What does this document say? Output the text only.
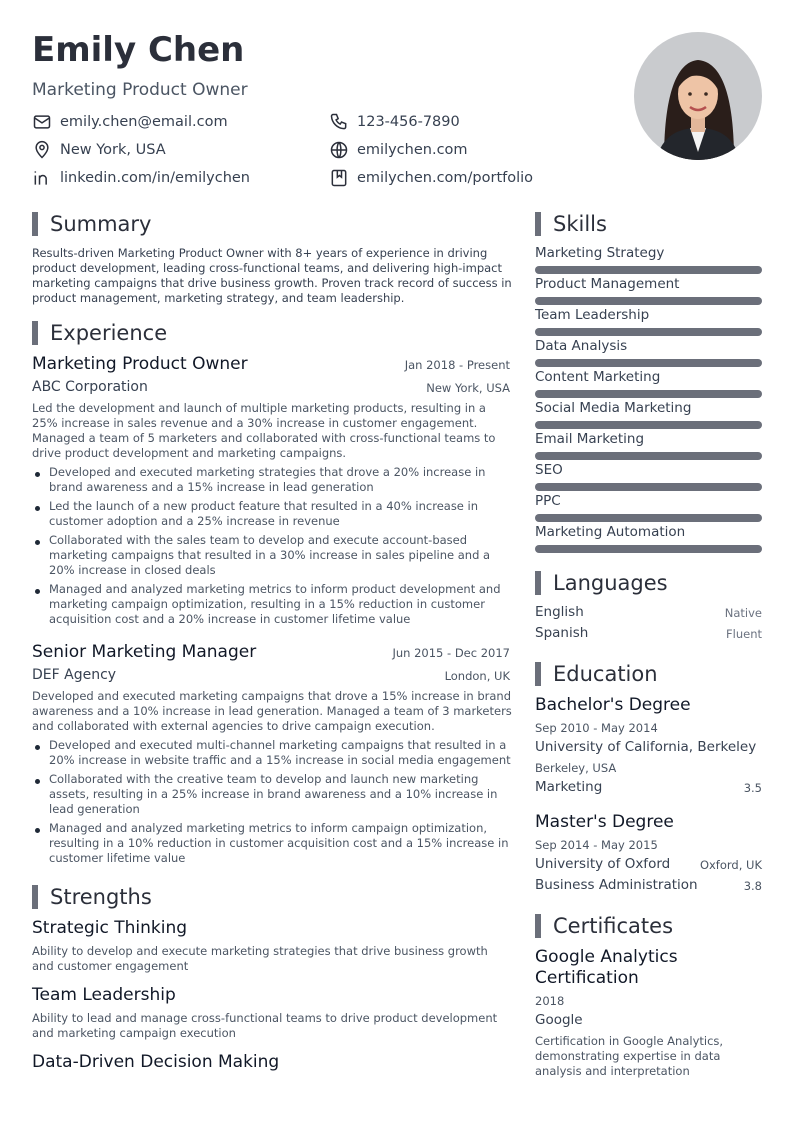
Emily Chen
Marketing Product Owner
emily.chen@email.com	123-456-7890
New York, USA	emilychen.com
linkedin.com/in/emilychen	emilychen.com/portfolio
Summary
Results-driven Marketing Product Owner with 8+ years of experience in driving product development, leading cross-functional teams, and delivering high-impact marketing campaigns that drive business growth. Proven track record of success in product management, marketing strategy, and team leadership.
Experience
Marketing Product Owner	Jan 2018 - Present
ABC Corporation	New York, USA
Led the development and launch of multiple marketing products, resulting in a 25% increase in sales revenue and a 30% increase in customer engagement. Managed a team of 5 marketers and collaborated with cross-functional teams to drive product development and marketing campaigns.
Developed and executed marketing strategies that drove a 20% increase in brand awareness and a 15% increase in lead generation
Led the launch of a new product feature that resulted in a 40% increase in customer adoption and a 25% increase in revenue
Collaborated with the sales team to develop and execute account-based marketing campaigns that resulted in a 30% increase in sales pipeline and a 20% increase in closed deals
Managed and analyzed marketing metrics to inform product development and marketing campaign optimization, resulting in a 15% reduction in customer acquisition cost and a 20% increase in customer lifetime value
Senior Marketing Manager	Jun 2015 - Dec 2017
DEF Agency	London, UK
Developed and executed marketing campaigns that drove a 15% increase in brand awareness and a 10% increase in lead generation. Managed a team of 3 marketers and collaborated with external agencies to drive campaign execution.
Developed and executed multi-channel marketing campaigns that resulted in a 20% increase in website traffic and a 15% increase in social media engagement
Collaborated with the creative team to develop and launch new marketing assets, resulting in a 25% increase in brand awareness and a 10% increase in lead generation
Managed and analyzed marketing metrics to inform campaign optimization, resulting in a 10% reduction in customer acquisition cost and a 15% increase in customer lifetime value
Strengths
Strategic Thinking
Ability to develop and execute marketing strategies that drive business growth and customer engagement
Team Leadership
Ability to lead and manage cross-functional teams to drive product development and marketing campaign execution
Data-Driven Decision Making
Skills
Marketing Strategy
Product Management
Team Leadership
Data Analysis
Content Marketing
Social Media Marketing
Email Marketing
SEO
PPC
Marketing Automation
Languages
English	Native
Spanish	Fluent
Education
Bachelor's Degree
Sep 2010 - May 2014
University of California, Berkeley
Berkeley, USA
Marketing	3.5
Master's Degree
Sep 2014 - May 2015
University of Oxford	Oxford, UK
Business Administration	3.8
Certificates
Google Analytics Certification
2018
Google
Certification in Google Analytics, demonstrating expertise in data analysis and interpretation
